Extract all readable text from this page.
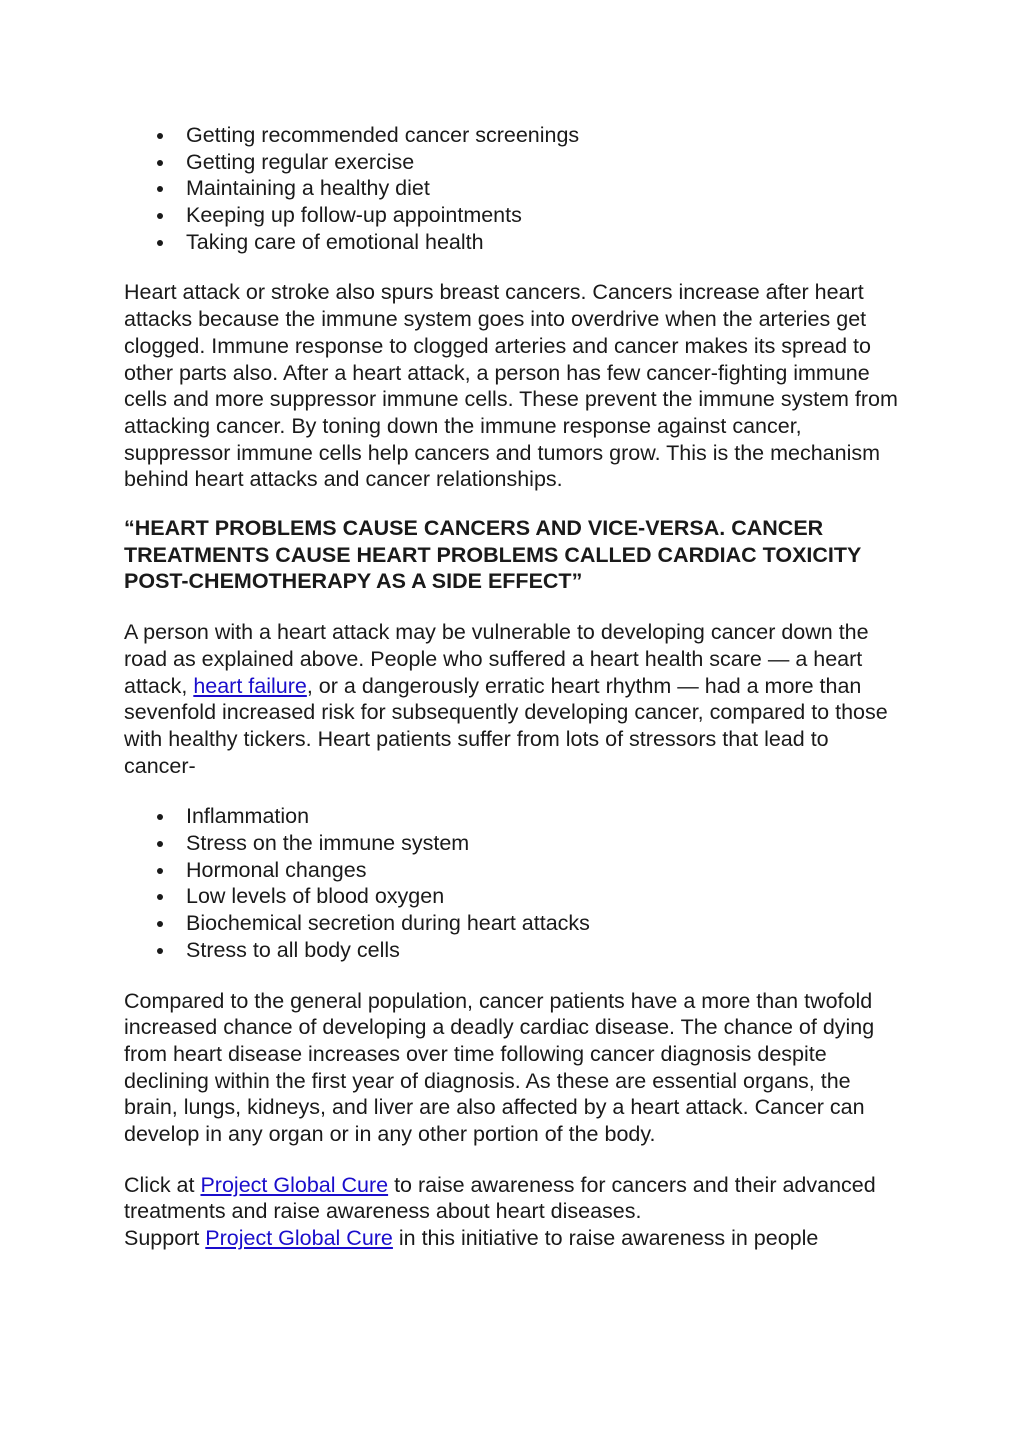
Getting recommended cancer screenings
Getting regular exercise
Maintaining a healthy diet
Keeping up follow-up appointments
Taking care of emotional health

Heart attack or stroke also spurs breast cancers. Cancers increase after heart attacks because the immune system goes into overdrive when the arteries get clogged. Immune response to clogged arteries and cancer makes its spread to other parts also. After a heart attack, a person has few cancer-fighting immune cells and more suppressor immune cells. These prevent the immune system from attacking cancer. By toning down the immune response against cancer, suppressor immune cells help cancers and tumors grow. This is the mechanism behind heart attacks and cancer relationships.

“HEART PROBLEMS CAUSE CANCERS AND VICE-VERSA. CANCER TREATMENTS CAUSE HEART PROBLEMS CALLED CARDIAC TOXICITY POST-CHEMOTHERAPY AS A SIDE EFFECT”

A person with a heart attack may be vulnerable to developing cancer down the road as explained above. People who suffered a heart health scare — a heart attack, heart failure, or a dangerously erratic heart rhythm — had a more than sevenfold increased risk for subsequently developing cancer, compared to those with healthy tickers. Heart patients suffer from lots of stressors that lead to cancer-

Inflammation
Stress on the immune system
Hormonal changes
Low levels of blood oxygen
Biochemical secretion during heart attacks
Stress to all body cells

Compared to the general population, cancer patients have a more than twofold increased chance of developing a deadly cardiac disease. The chance of dying from heart disease increases over time following cancer diagnosis despite declining within the first year of diagnosis. As these are essential organs, the brain, lungs, kidneys, and liver are also affected by a heart attack. Cancer can develop in any organ or in any other portion of the body.

Click at Project Global Cure to raise awareness for cancers and their advanced treatments and raise awareness about heart diseases.
Support Project Global Cure in this initiative to raise awareness in people
